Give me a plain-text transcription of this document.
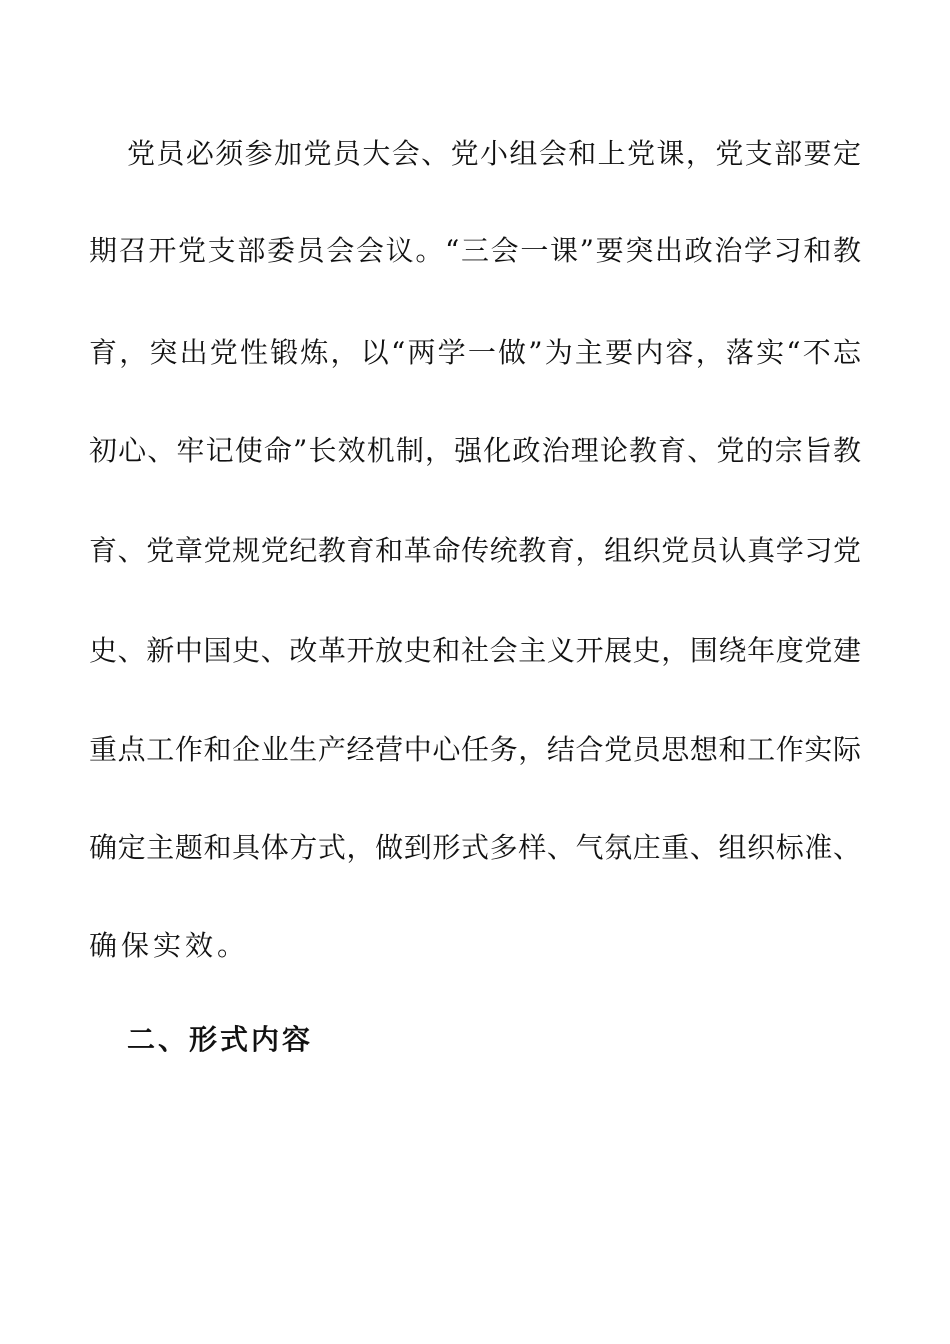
党员必须参加党员大会、党小组会和上党课，党支部要定
期召开党支部委员会会议。“三会一课”要突出政治学习和教
育，突出党性锻炼，以“两学一做”为主要内容，落实“不忘
初心、牢记使命”长效机制，强化政治理论教育、党的宗旨教
育、党章党规党纪教育和革命传统教育，组织党员认真学习党
史、新中国史、改革开放史和社会主义开展史，围绕年度党建
重点工作和企业生产经营中心任务，结合党员思想和工作实际
确定主题和具体方式，做到形式多样、气氛庄重、组织标准、
确保实效。
二、形式内容
